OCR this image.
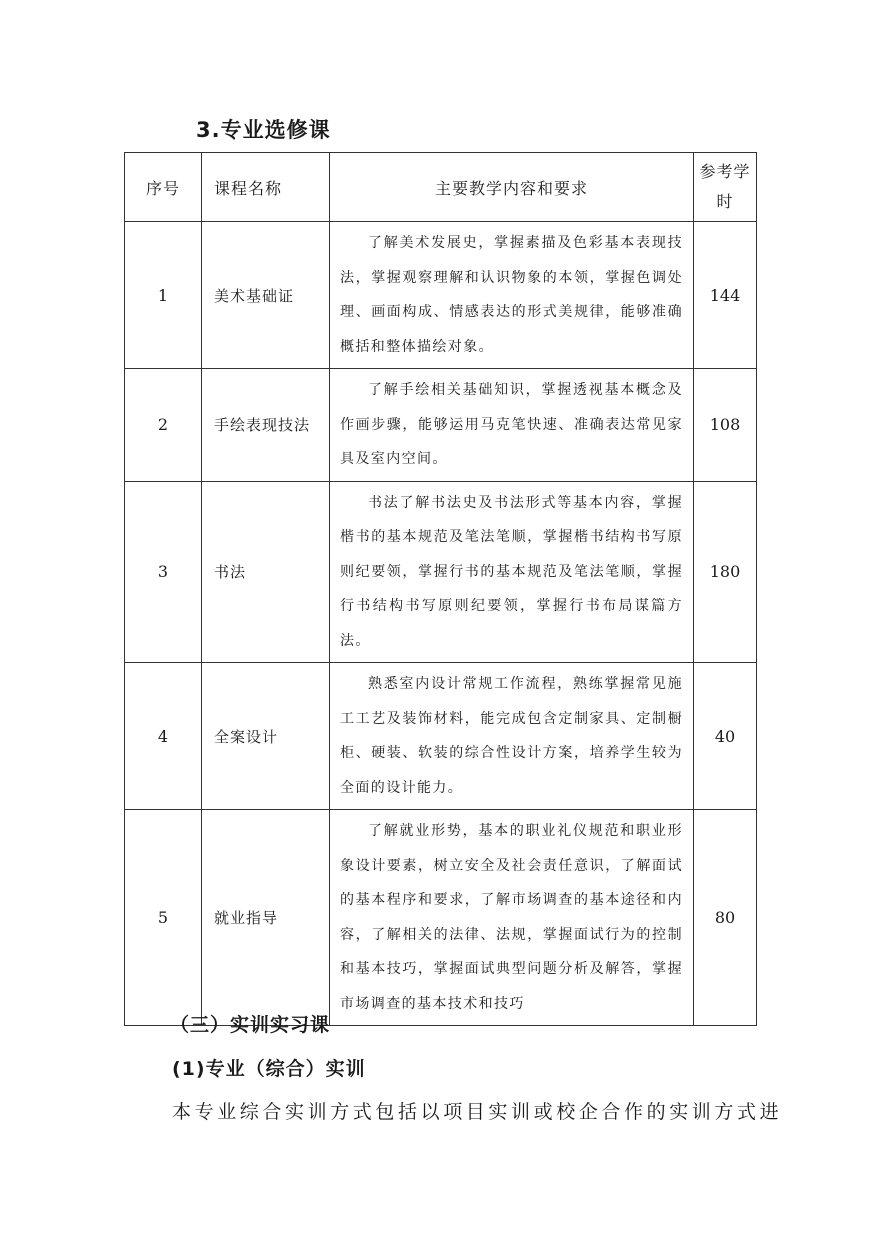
3.专业选修课
序号	课程名称	主要教学内容和要求	参考学时
1	美术基础证	了解美术发展史，掌握素描及色彩基本表现技法，掌握观察理解和认识物象的本领，掌握色调处理、画面构成、情感表达的形式美规律，能够准确概括和整体描绘对象。	144
2	手绘表现技法	了解手绘相关基础知识，掌握透视基本概念及作画步骤，能够运用马克笔快速、准确表达常见家具及室内空间。	108
3	书法	书法了解书法史及书法形式等基本内容，掌握楷书的基本规范及笔法笔顺，掌握楷书结构书写原则纪要领，掌握行书的基本规范及笔法笔顺，掌握行书结构书写原则纪要领，掌握行书布局谋篇方法。	180
4	全案设计	熟悉室内设计常规工作流程，熟练掌握常见施工工艺及装饰材料，能完成包含定制家具、定制橱柜、硬装、软装的综合性设计方案，培养学生较为全面的设计能力。	40
5	就业指导	了解就业形势，基本的职业礼仪规范和职业形象设计要素，树立安全及社会责任意识，了解面试的基本程序和要求，了解市场调查的基本途径和内容，了解相关的法律、法规，掌握面试行为的控制和基本技巧，掌握面试典型问题分析及解答，掌握市场调查的基本技术和技巧	80
（三）实训实习课
(1)专业（综合）实训

本专业综合实训方式包括以项目实训或校企合作的实训方式进
